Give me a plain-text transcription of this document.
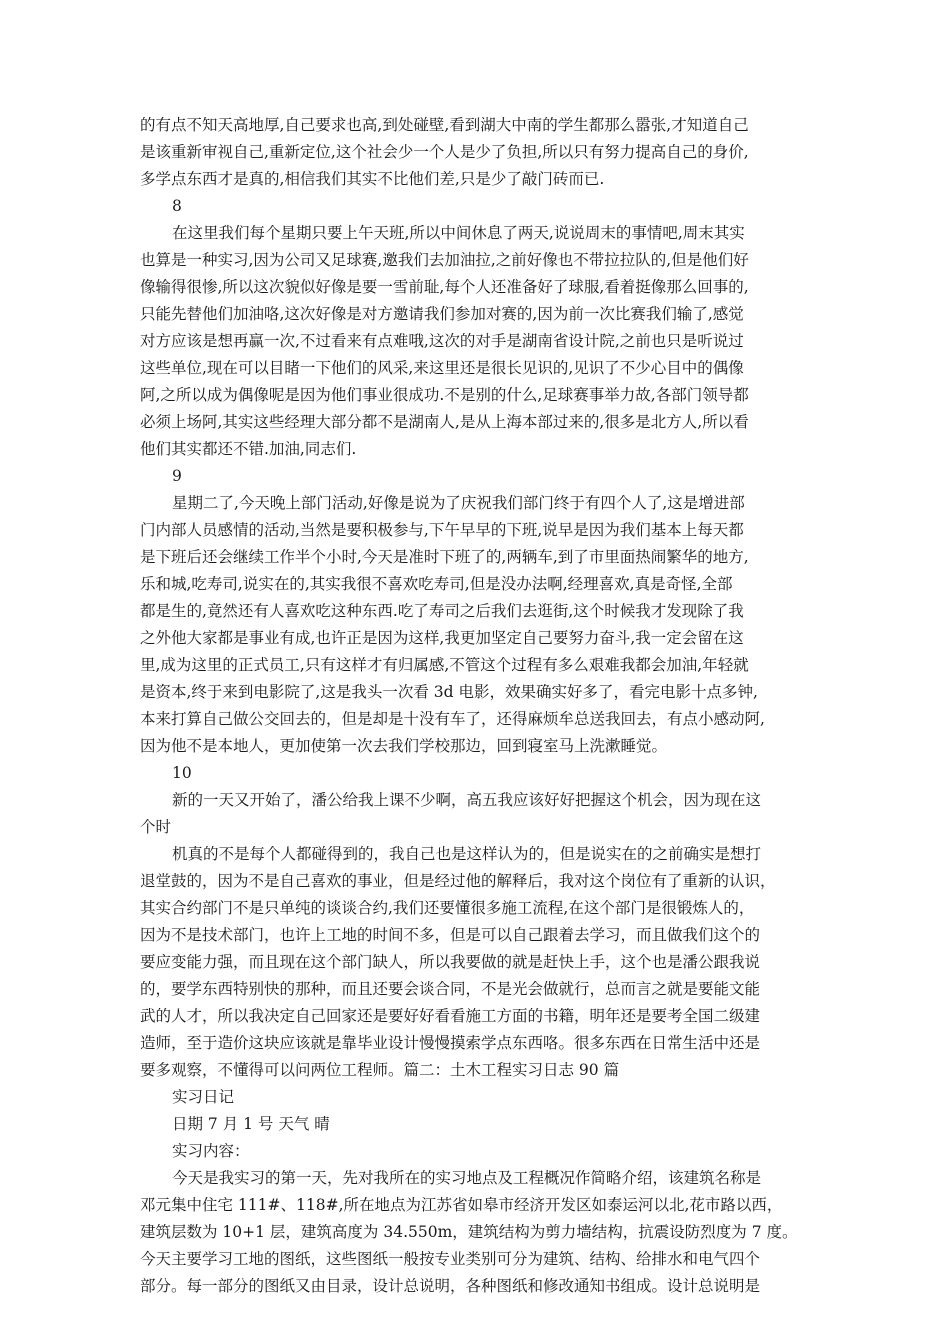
的有点不知天高地厚,自己要求也高,到处碰壁,看到湖大中南的学生都那么嚣张,才知道自己
是该重新审视自己,重新定位,这个社会少一个人是少了负担,所以只有努力提高自己的身价,
多学点东西才是真的,相信我们其实不比他们差,只是少了敲门砖而已.
8
在这里我们每个星期只要上午天班,所以中间休息了两天,说说周末的事情吧,周末其实
也算是一种实习,因为公司又足球赛,邀我们去加油拉,之前好像也不带拉拉队的,但是他们好
像输得很惨,所以这次貌似好像是要一雪前耻,每个人还准备好了球服,看着挺像那么回事的,
只能先替他们加油咯,这次好像是对方邀请我们参加对赛的,因为前一次比赛我们输了,感觉
对方应该是想再赢一次,不过看来有点难哦,这次的对手是湖南省设计院,之前也只是听说过
这些单位,现在可以目睹一下他们的风采,来这里还是很长见识的,见识了不少心目中的偶像
阿,之所以成为偶像呢是因为他们事业很成功.不是别的什么,足球赛事举力故,各部门领导都
必须上场阿,其实这些经理大部分都不是湖南人,是从上海本部过来的,很多是北方人,所以看
他们其实都还不错.加油,同志们.
9
星期二了,今天晚上部门活动,好像是说为了庆祝我们部门终于有四个人了,这是增进部
门内部人员感情的活动,当然是要积极参与,下午早早的下班,说早是因为我们基本上每天都
是下班后还会继续工作半个小时,今天是准时下班了的,两辆车,到了市里面热闹繁华的地方,
乐和城,吃寿司,说实在的,其实我很不喜欢吃寿司,但是没办法啊,经理喜欢,真是奇怪,全部
都是生的,竟然还有人喜欢吃这种东西.吃了寿司之后我们去逛街,这个时候我才发现除了我
之外他大家都是事业有成,也许正是因为这样,我更加坚定自己要努力奋斗,我一定会留在这
里,成为这里的正式员工,只有这样才有归属感,不管这个过程有多么艰难我都会加油,年轻就
是资本,终于来到电影院了,这是我头一次看 3d 电影，效果确实好多了，看完电影十点多钟,
本来打算自己做公交回去的，但是却是十没有车了，还得麻烦牟总送我回去，有点小感动阿,
因为他不是本地人，更加使第一次去我们学校那边，回到寝室马上洗漱睡觉。
10
新的一天又开始了，潘公给我上课不少啊，高五我应该好好把握这个机会，因为现在这
个时
机真的不是每个人都碰得到的，我自己也是这样认为的，但是说实在的之前确实是想打
退堂鼓的，因为不是自己喜欢的事业，但是经过他的解释后，我对这个岗位有了重新的认识，
其实合约部门不是只单纯的谈谈合约,我们还要懂很多施工流程,在这个部门是很锻炼人的，
因为不是技术部门，也许上工地的时间不多，但是可以自己跟着去学习，而且做我们这个的
要应变能力强，而且现在这个部门缺人，所以我要做的就是赶快上手，这个也是潘公跟我说
的，要学东西特别快的那种，而且还要会谈合同，不是光会做就行，总而言之就是要能文能
武的人才，所以我决定自己回家还是要好好看看施工方面的书籍，明年还是要考全国二级建
造师，至于造价这块应该就是靠毕业设计慢慢摸索学点东西咯。很多东西在日常生活中还是
要多观察，不懂得可以问两位工程师。篇二：土木工程实习日志 90 篇
实习日记
日期 7 月 1 号 天气 晴
实习内容：
今天是我实习的第一天，先对我所在的实习地点及工程概况作简略介绍，该建筑名称是
邓元集中住宅 111#、118#,所在地点为江苏省如皋市经济开发区如泰运河以北,花市路以西，
建筑层数为 10+1 层，建筑高度为 34.550m，建筑结构为剪力墙结构，抗震设防烈度为 7 度。
今天主要学习工地的图纸，这些图纸一般按专业类别可分为建筑、结构、给排水和电气四个
部分。每一部分的图纸又由目录，设计总说明，各种图纸和修改通知书组成。设计总说明是
